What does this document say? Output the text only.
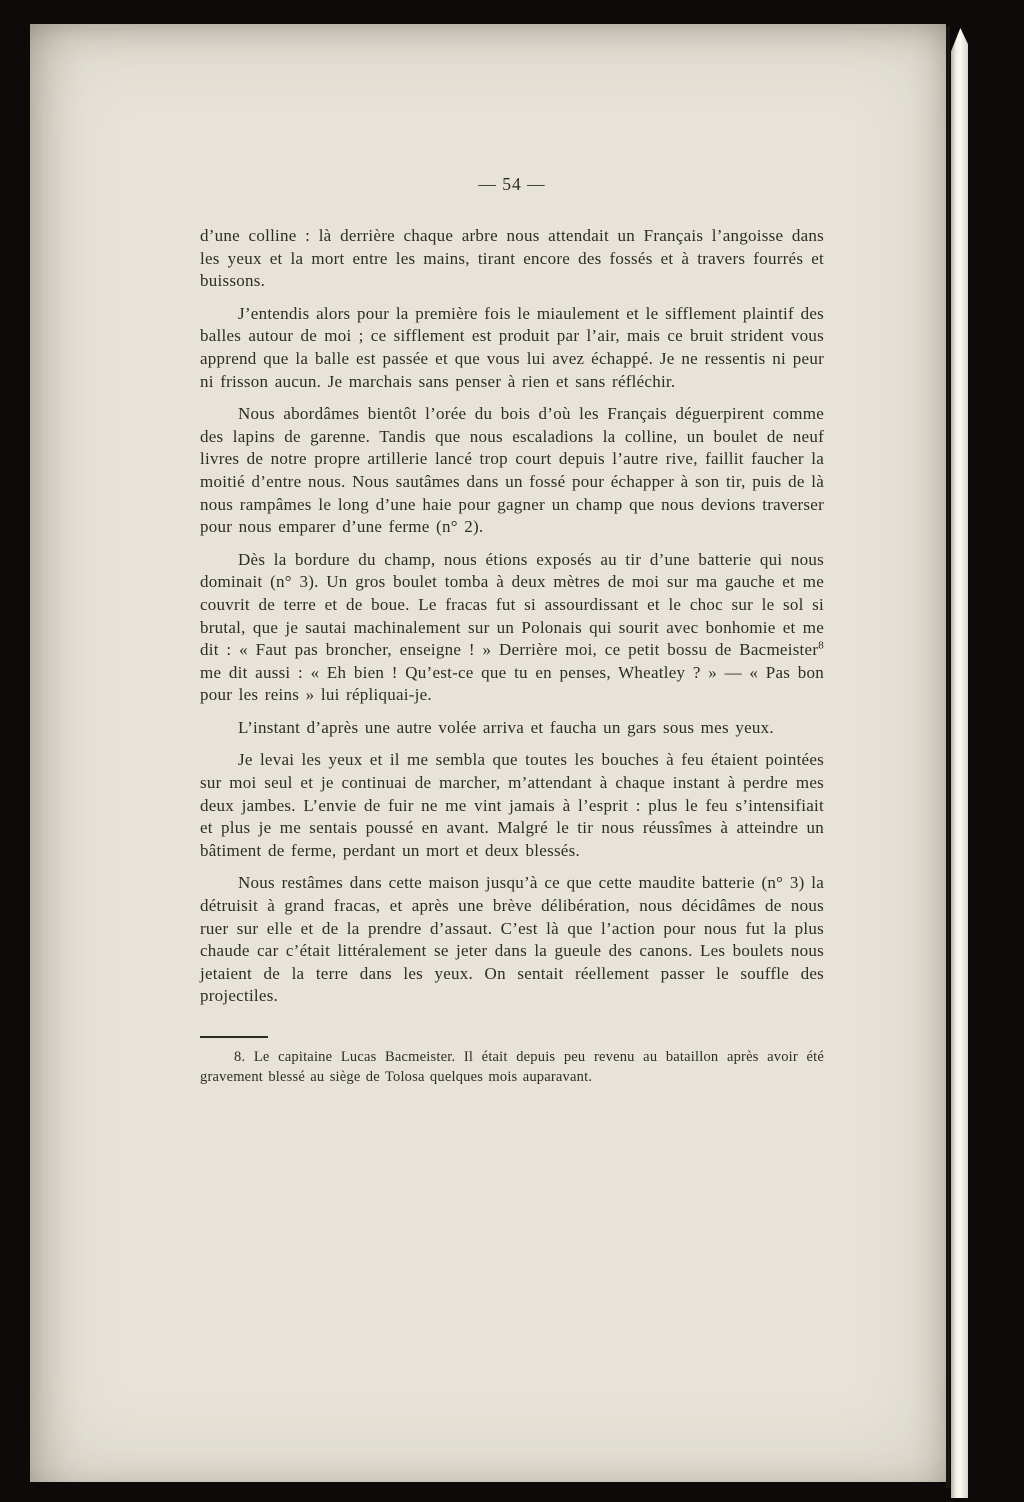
— 54 —

d’une colline : là derrière chaque arbre nous attendait un Français l’angoisse dans les yeux et la mort entre les mains, tirant encore des fossés et à travers fourrés et buissons.

J’entendis alors pour la première fois le miaulement et le sifflement plaintif des balles autour de moi ; ce sifflement est produit par l’air, mais ce bruit strident vous apprend que la balle est passée et que vous lui avez échappé. Je ne ressentis ni peur ni frisson aucun. Je marchais sans penser à rien et sans réfléchir.

Nous abordâmes bientôt l’orée du bois d’où les Français déguerpirent comme des lapins de garenne. Tandis que nous escaladions la colline, un boulet de neuf livres de notre propre artillerie lancé trop court depuis l’autre rive, faillit faucher la moitié d’entre nous. Nous sautâmes dans un fossé pour échapper à son tir, puis de là nous rampâmes le long d’une haie pour gagner un champ que nous devions traverser pour nous emparer d’une ferme (n° 2).

Dès la bordure du champ, nous étions exposés au tir d’une batterie qui nous dominait (n° 3). Un gros boulet tomba à deux mètres de moi sur ma gauche et me couvrit de terre et de boue. Le fracas fut si assourdissant et le choc sur le sol si brutal, que je sautai machinalement sur un Polonais qui sourit avec bonhomie et me dit : « Faut pas broncher, enseigne ! » Derrière moi, ce petit bossu de Bacmeister$^8$ me dit aussi : « Eh bien ! Qu’est-ce que tu en penses, Wheatley ? » — « Pas bon pour les reins » lui répliquai-je.

L’instant d’après une autre volée arriva et faucha un gars sous mes yeux.

Je levai les yeux et il me sembla que toutes les bouches à feu étaient pointées sur moi seul et je continuai de marcher, m’attendant à chaque instant à perdre mes deux jambes. L’envie de fuir ne me vint jamais à l’esprit : plus le feu s’intensifiait et plus je me sentais poussé en avant. Malgré le tir nous réussîmes à atteindre un bâtiment de ferme, perdant un mort et deux blessés.

Nous restâmes dans cette maison jusqu’à ce que cette maudite batterie (n° 3) la détruisit à grand fracas, et après une brève délibération, nous décidâmes de nous ruer sur elle et de la prendre d’assaut. C’est là que l’action pour nous fut la plus chaude car c’était littéralement se jeter dans la gueule des canons. Les boulets nous jetaient de la terre dans les yeux. On sentait réellement passer le souffle des projectiles.

8. Le capitaine Lucas Bacmeister. Il était depuis peu revenu au bataillon après avoir été gravement blessé au siège de Tolosa quelques mois auparavant.
